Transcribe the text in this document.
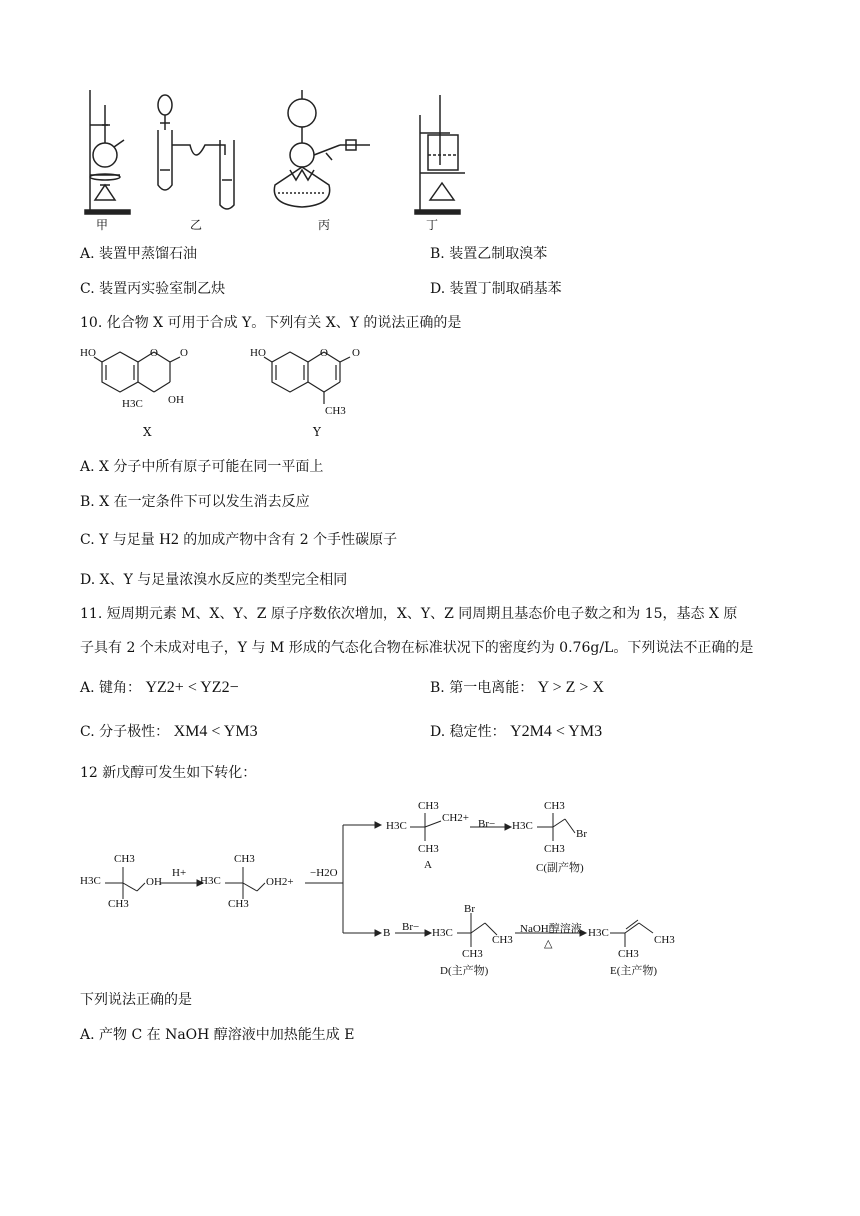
甲	乙	丙	丁
A. 装置甲蒸馏石油	B. 装置乙制取溴苯
C. 装置丙实验室制乙炔	D. 装置丁制取硝基苯
10. 化合物 X 可用于合成 Y。下列有关 X、Y 的说法正确的是
HO	O O
H3C OH
X
HO	O O
CH3
Y
A. X 分子中所有原子可能在同一平面上
B. X 在一定条件下可以发生消去反应
C. Y 与足量 H2 的加成产物中含有 2 个手性碳原子
D. X、Y 与足量浓溴水反应的类型完全相同
11. 短周期元素 M、X、Y、Z 原子序数依次增加，X、Y、Z 同周期且基态价电子数之和为 15，基态 X 原
子具有 2 个未成对电子，Y 与 M 形成的气态化合物在标准状况下的密度约为 0.76g/L。下列说法不正确的是
A. 键角： YZ2+ < YZ2−	B. 第一电离能： Y > Z > X
C. 分子极性： XM4 < YM3	D. 稳定性： Y2M4 < YM3
12 新戊醇可发生如下转化：
CH3
H3C	OH
CH3
H+
CH3
H3C	OH2+
CH3
−H2O
CH3
H3C
CH2+
CH3
A
Br−
CH3
H3C
Br
CH3
C(副产物)
B Br−
Br
H3C
CH3
CH3
D(主产物)
NaOH醇溶液
△
H3C
CH3
CH3
E(主产物)
下列说法正确的是
A. 产物 C 在 NaOH 醇溶液中加热能生成 E
